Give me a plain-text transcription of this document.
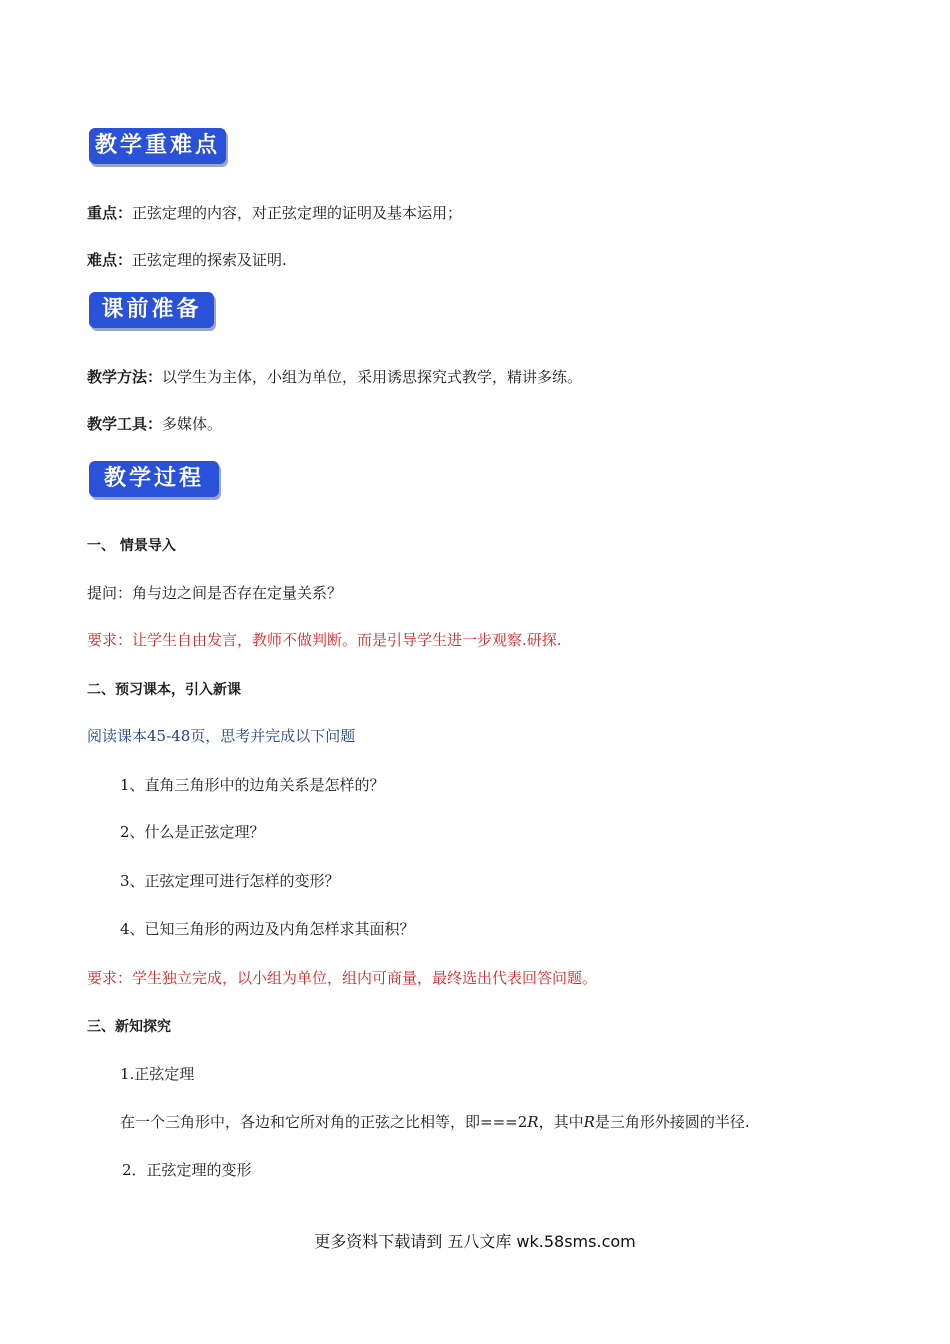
教学重难点
重点：正弦定理的内容，对正弦定理的证明及基本运用；
难点：正弦定理的探索及证明.
课前准备
教学方法：以学生为主体，小组为单位，采用诱思探究式教学，精讲多练。
教学工具：多媒体。
教学过程
一、 情景导入
提问：角与边之间是否存在定量关系？
要求：让学生自由发言，教师不做判断。而是引导学生进一步观察.研探.
二、预习课本，引入新课
阅读课本45-48页，思考并完成以下问题
1、直角三角形中的边角关系是怎样的？
2、什么是正弦定理？
3、正弦定理可进行怎样的变形？
4、已知三角形的两边及内角怎样求其面积？
要求：学生独立完成，以小组为单位，组内可商量，最终选出代表回答问题。
三、新知探究
1.正弦定理
在一个三角形中，各边和它所对角的正弦之比相等，即===2R，其中R是三角形外接圆的半径.
2．正弦定理的变形
更多资料下载请到 五八文库 wk.58sms.com
